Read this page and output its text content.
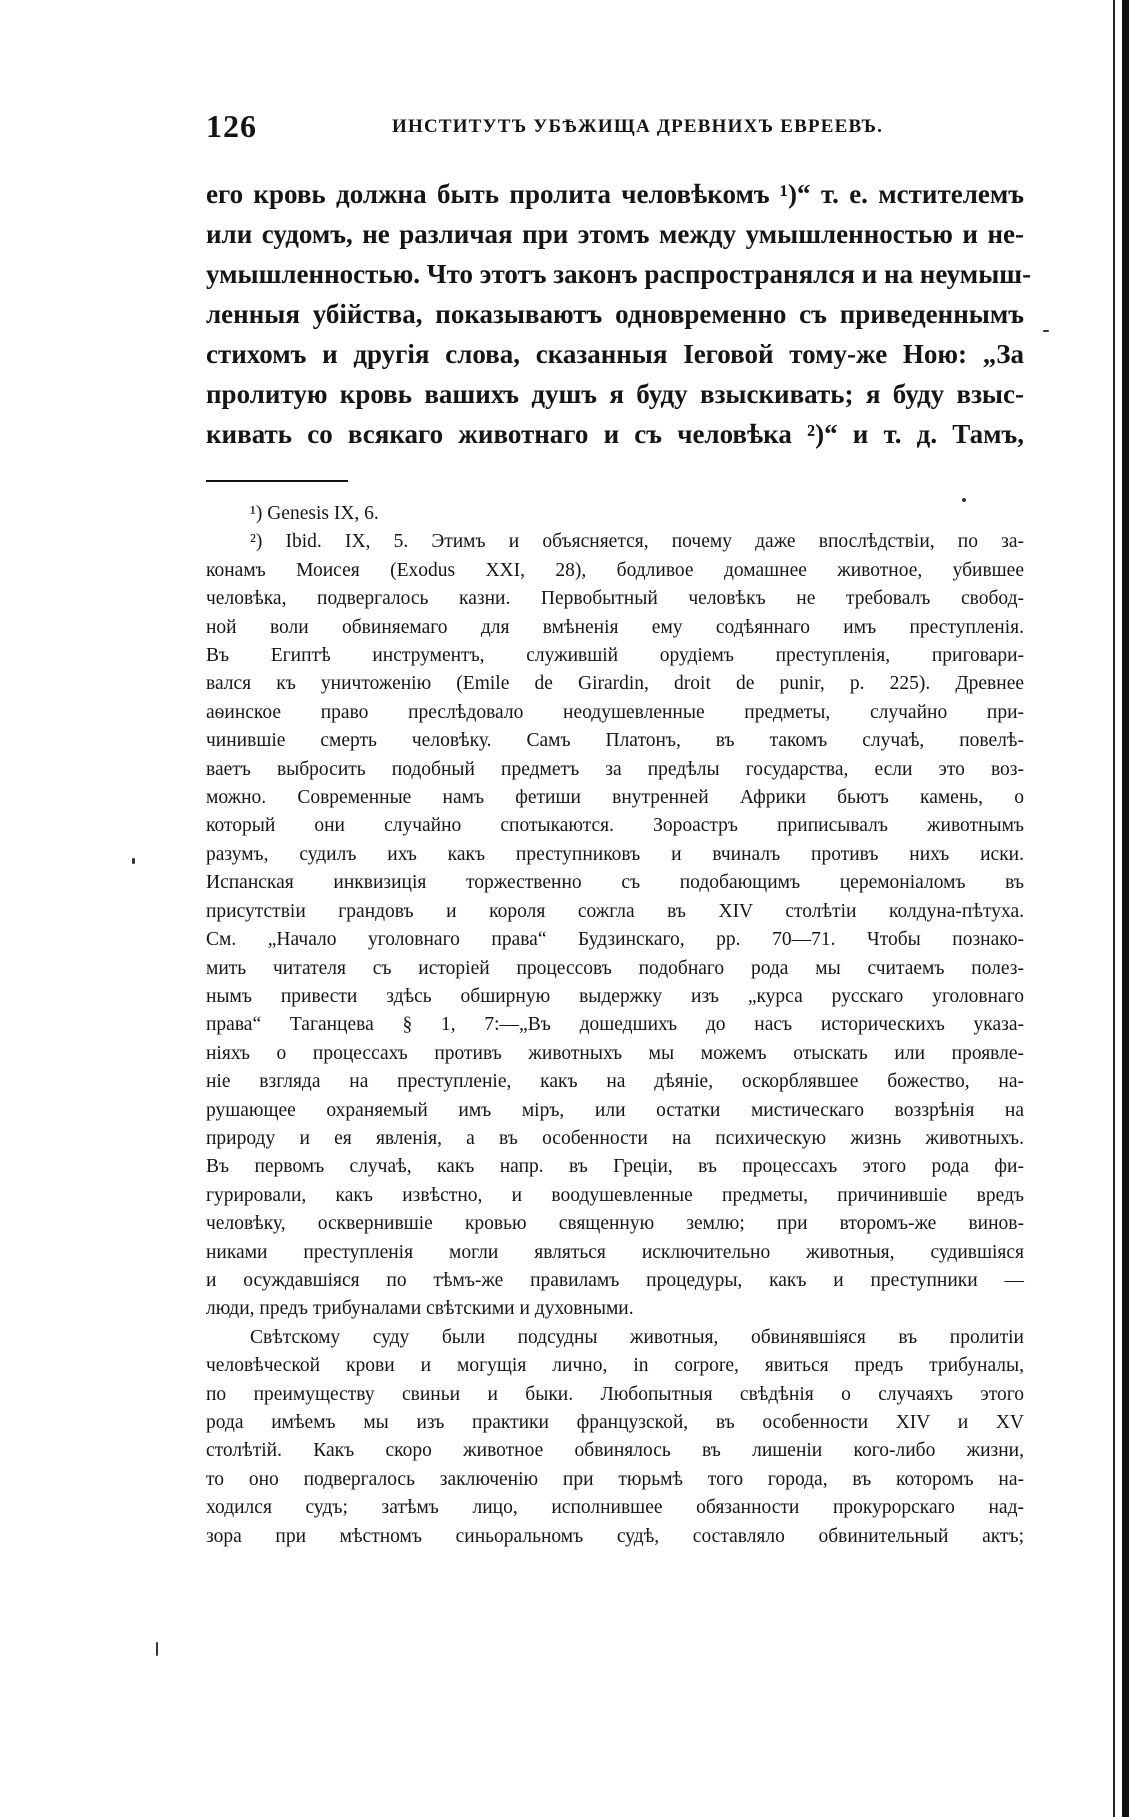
126	ИНСТИТУТЪ УБѢЖИЩА ДРЕВНИХЪ ЕВРЕЕВЪ.
его кровь должна быть пролита человѣкомъ ¹)“ т. е. мстителемъ
или судомъ, не различая при этомъ между умышленностью и не-
умышленностью. Что этотъ законъ распространялся и на неумыш-
ленныя убійства, показываютъ одновременно съ приведеннымъ
стихомъ и другія слова, сказанныя Іеговой тому-же Ною: „За
пролитую кровь вашихъ душъ я буду взыскивать; я буду взыс-
кивать со всякаго животнаго и съ человѣка ²)“ и т. д. Тамъ,
¹) Genesis IX, 6.
²) Ibid. IX, 5. Этимъ и объясняется, почему даже впослѣдствіи, по за-
конамъ Моисея (Exodus XXI, 28), бодливое домашнее животное, убившее
человѣка, подвергалось казни. Первобытный человѣкъ не требовалъ свобод-
ной воли обвиняемаго для вмѣненія ему содѣяннаго имъ преступленія.
Въ Египтѣ инструментъ, служившій орудіемъ преступленія, приговари-
вался къ уничтоженію (Emile de Girardin, droit de punir, p. 225). Древнее
аѳинское право преслѣдовало неодушевленные предметы, случайно при-
чинившіе смерть человѣку. Самъ Платонъ, въ такомъ случаѣ, повелѣ-
ваетъ выбросить подобный предметъ за предѣлы государства, если это воз-
можно. Современные намъ фетиши внутренней Африки бьютъ камень, о
который они случайно спотыкаются. Зороастръ приписывалъ животнымъ
разумъ, судилъ ихъ какъ преступниковъ и вчиналъ противъ нихъ иски.
Испанская инквизиція торжественно съ подобающимъ церемоніаломъ въ
присутствіи грандовъ и короля сожгла въ XIV столѣтіи колдуна-пѣтуха.
См. „Начало уголовнаго права“ Будзинскаго, pp. 70—71. Чтобы познако-
мить читателя съ исторіей процессовъ подобнаго рода мы считаемъ полез-
нымъ привести здѣсь обширную выдержку изъ „курса русскаго уголовнаго
права“ Таганцева § 1, 7:—„Въ дошедшихъ до насъ историческихъ указа-
ніяхъ о процессахъ противъ животныхъ мы можемъ отыскать или проявле-
ніе взгляда на преступленіе, какъ на дѣяніе, оскорблявшее божество, на-
рушающее охраняемый имъ міръ, или остатки мистическаго воззрѣнія на
природу и ея явленія, а въ особенности на психическую жизнь животныхъ.
Въ первомъ случаѣ, какъ напр. въ Греціи, въ процессахъ этого рода фи-
гурировали, какъ извѣстно, и воодушевленные предметы, причинившіе вредъ
человѣку, осквернившіе кровью священную землю; при второмъ-же винов-
никами преступленія могли являться исключительно животныя, судившіяся
и осуждавшіяся по тѣмъ-же правиламъ процедуры, какъ и преступники —
люди, предъ трибуналами свѣтскими и духовными.
Свѣтскому суду были подсудны животныя, обвинявшіяся въ пролитіи
человѣческой крови и могущія лично, in corpore, явиться предъ трибуналы,
по преимуществу свиньи и быки. Любопытныя свѣдѣнія о случаяхъ этого
рода имѣемъ мы изъ практики французской, въ особенности XIV и XV
столѣтій. Какъ скоро животное обвинялось въ лишеніи кого-либо жизни,
то оно подвергалось заключенію при тюрьмѣ того города, въ которомъ на-
ходился судъ; затѣмъ лицо, исполнившее обязанности прокурорскаго над-
зора при мѣстномъ синьоральномъ судѣ, составляло обвинительный актъ;
